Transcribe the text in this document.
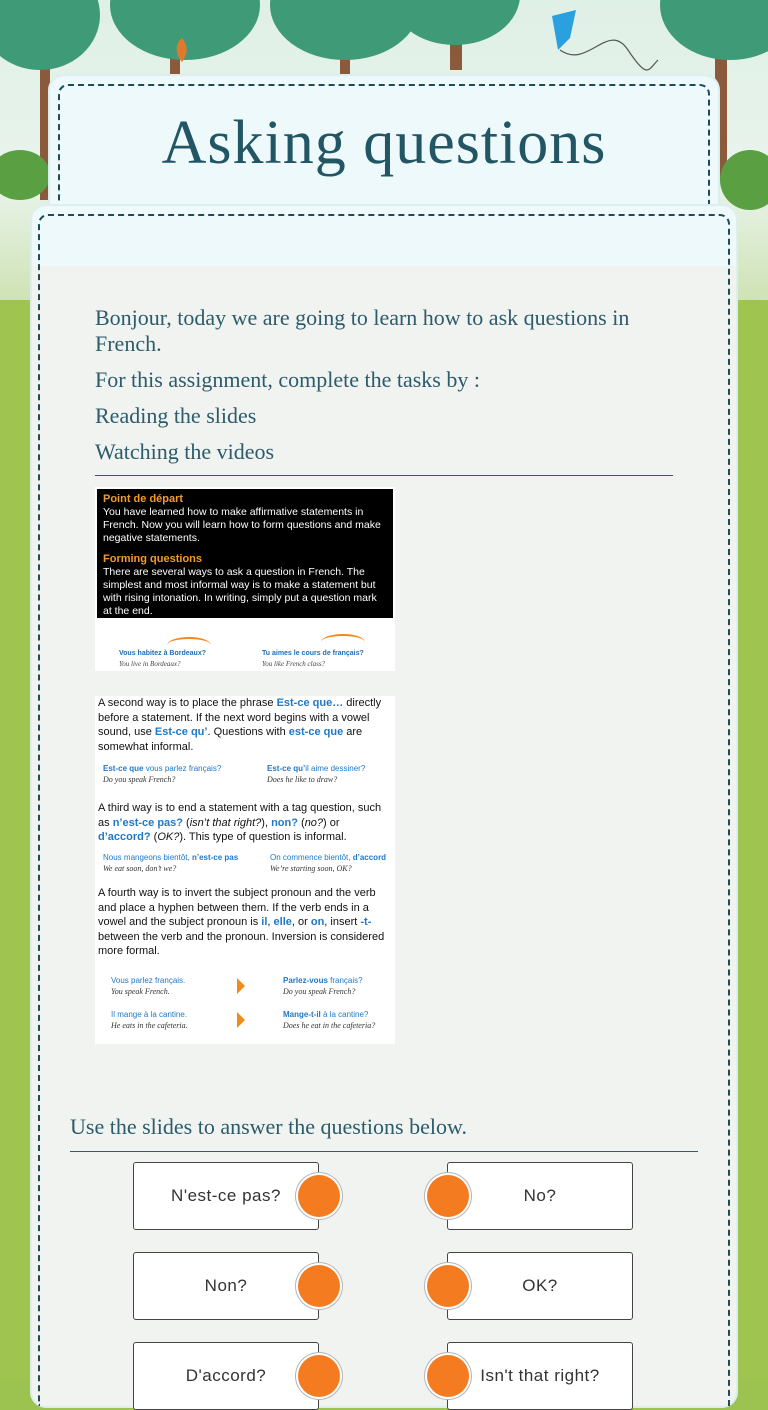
Asking questions

Bonjour, today we are going to learn how to ask questions in French.

For this assignment, complete the tasks by :

Reading the slides

Watching the videos

Point de départ

You have learned how to make affirmative statements in French. Now you will learn how to form questions and make negative statements.

Forming questions

There are several ways to ask a question in French. The simplest and most informal way is to make a statement but with rising intonation. In writing, simply put a question mark at the end.

Vous habitez à Bordeaux?
You live in Bordeaux?
Tu aimes le cours de français?
You like French class?
A second way is to place the phrase Est-ce que… directly before a statement. If the next word begins with a vowel sound, use Est-ce qu’. Questions with est-ce que are somewhat informal.
Est-ce que vous parlez français?
Do you speak French?
Est-ce qu’il aime dessiner?
Does he like to draw?
A third way is to end a statement with a tag question, such as n’est-ce pas? (isn’t that right?), non? (no?) or d’accord? (OK?). This type of question is informal.
Nous mangeons bientôt, n’est-ce pas
We eat soon, don’t we?
On commence bientôt, d’accord
We’re starting soon, OK?
A fourth way is to invert the subject pronoun and the verb and place a hyphen between them. If the verb ends in a vowel and the subject pronoun is il, elle, or on, insert -t- between the verb and the pronoun. Inversion is considered more formal.
Vous parlez français.
You speak French.
Parlez-vous français?
Do you speak French?
Il mange à la cantine.
He eats in the cafeteria.
Mange-t-il à la cantine?
Does he eat in the cafeteria?
Use the slides to answer the questions below.
N'est-ce pas?	No?
Non?	OK?
D'accord?	Isn't that right?
